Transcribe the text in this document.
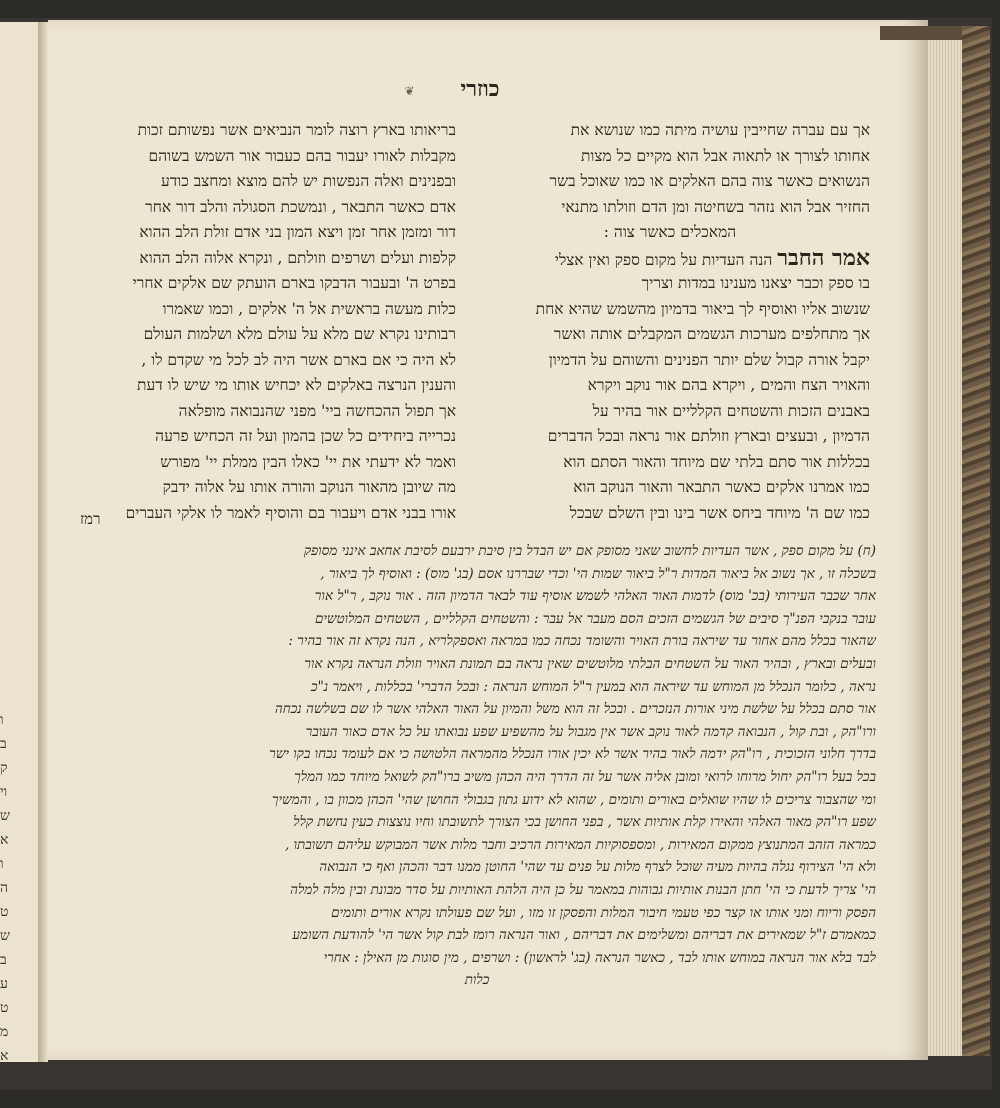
ו
ב
ק
וי
ש
א
ו
ה
ט
ש
ב
ע
ט
מ
א
❦	כוזרי
אך עם עברה שחייבין עושיה מיתה כמו שנושא את
אחותו לצורך או לתאוה אבל הוא מקיים כל מצות
הנשואים כאשר צוה בהם האלקים או כמו שאוכל בשר
החזיר אבל הוא נזהר בשחיטה ומן הדם וזולתו מתנאי
המאכלים כאשר צוה :
אמר החבר הנה העדיות על מקום ספק ואין אצלי
בו ספק וכבר יצאנו מענינו במדות וצריך
שנשוב אליו ואוסיף לך ביאור בדמיון מהשמש שהיא אחת
אך מתחלפים מערכות הגשמים המקבלים אותה ואשר
יקבל אורה קבול שלם יותר הפנינים והשוהם על הדמיון
והאויר הצח והמים , ויקרא בהם אור נוקב ויקרא
באבנים הזכות והשטחים הקלליים אור בהיר על
הדמיון , ובעצים ובארץ וזולתם אור נראה ובכל הדברים
בכללות אור סתם בלתי שם מיוחד והאור הסתם הוא
כמו אמרנו אלקים כאשר התבאר והאור הנוקב הוא
כמו שם ה' מיוחד ביחס אשר בינו ובין השלם שבכל
בריאותו בארץ רוצה לומר הנביאים אשר נפשותם זכות
מקבלות לאורו יעבור בהם כעבור אור השמש בשוהם
ובפנינים ואלה הנפשות יש להם מוצא ומחצב כודע
אדם כאשר התבאר , ונמשכת הסגולה והלב דור אחר
דור ומזמן אחר זמן ויצא המון בני אדם זולת הלב ההוא
קלפות ועלים ושרפים וזולתם , ונקרא אלוה הלב ההוא
בפרט ה' ובעבור הדבקו בארם הועתק שם אלקים אחרי
כלות מעשה בראשית אל ה' אלקים , וכמו שאמרו
רבותינו נקרא שם מלא על עולם מלא ושלמות העולם
לא היה כי אם בארם אשר היה לב לכל מי שקדם לו ,
והענין הנרצה באלקים לא יכחיש אותו מי שיש לו דעת
אך תפול ההכחשה ביי' מפני שהנבואה מופלאה
נכרייה ביחידים כל שכן בהמון ועל זה הכחיש פרעה
ואמר לא ידעתי את יי' כאלו הבין ממלת יי' מפורש
מה שיובן מהאור הנוקב והורה אותו על אלוה ידבק
אורו בבני אדם ויעבור בם והוסיף לאמר לו אלקי העברים
רמז
(ח) על מקום ספק , אשר העדיות לחשוב שאני מסופק אם יש הבדל בין סיבת ירבעם לסיבת אחאב אינני מסופק
בשכלה זו , אך נשוב אל ביאור המדות ר"ל ביאור שמות הי' וכדי שבררנו אסם (בג' מוס) : ואוסיף לך ביאור ,
אחר שכבר העירותי (בכ' מוס) לדמות האור האלהי לשמש אוסיף עוד לבאר הדמיון הזה . אור נוקב , ר"ל אור
עובר בנקבי הפנ"ך סיבים של הגשמים הזכים הסם מעבר אל עבר : והשטחים הקלליים , השטחים המלוטשים
שהאור בכלל מהם אחור עד שיראה בורת האויר והשומד נכחה כמו במראה ואספקלריא , הנה נקרא זה אור בהיר :
ובעלים ובארץ , ובהיר האור על השטחים הבלתי מלוטשים שאין נראה בם תמונת האויר וזולת הנראה נקרא אור
נראה , כלומר הנכלל מן המוחש עד שיראה הוא במעין ר"ל המוחש הנראה : ובכל הדברי' בכללות , ויאמר נ"כ
אור סתם בכלל על שלשת מיני אורות הנזכרים . ובכל זה הוא משל והמיון על האור האלהי אשר לו שם בשלשה נכחה
ורו"הק , ובת קול , הנבואה קדמה לאור נוקב אשר אין מגבול על מהשפיע שפע נבואתו על כל אדם כאור העובר
בדרך חלוני הזכוכית , רו"הק ידמה לאור בהיר אשר לא יכין אורו הנכלל מהמראה הלטושה כי אם לעומד נכחו בקו ישר
בכל בעל רו"הק יחול מרוחו לרואי ומובן אליה אשר על זה הדרך היה הכהן משיב ברו"הק לשואל מיוחד כמו המלך
ומי שהצבור צריכים לו שהיו שואלים באורים ותומים , שהוא לא ידוע גתון בגבולי החושן שהי' הכהן מכוון בו , והמשיך
שפע רו"הק מאור האלהי והאירו קלת אותיות אשר , בפני החושן בכי הצורך לתשובתו וחיו נוצצות כעין נחשת קלל
כמראה הזהב המתנוצץ ממקום המאירות , ומספסוקיות המאירות הרכיב וחבר מלות אשר המבוקש עליהם תשובתו ,
ולא הי' הצירוף נגלה בהיות מעיה שוכל לצרף מלות על פנים עד שהי' החוטן ממנו דבר והכהן ואף כי הנבואה
הי' צריך לדעת כי הי' חתן הבנות אותיות גבוהות במאמר על כן היה הלהת האותיות על סדר מבונת ובין מלה למלה
הפסק וריוח ומני אותו או קצר כפי טעמי חיבור המלות והפסקן זו מזו , ועל שם פעולתו נקרא אורים ותומים
כמאמרם ז"ל שמאירים את דבריהם ומשלימים את דבריהם , ואור הנראה רומז לבת קול אשר הי' להודעת השומע
לבד בלא אור הנראה במוחש אותו לבד , כאשר הנראה (בג' לראשון) : ושרפים , מין סוגות מן האילן : אחרי
כלות
